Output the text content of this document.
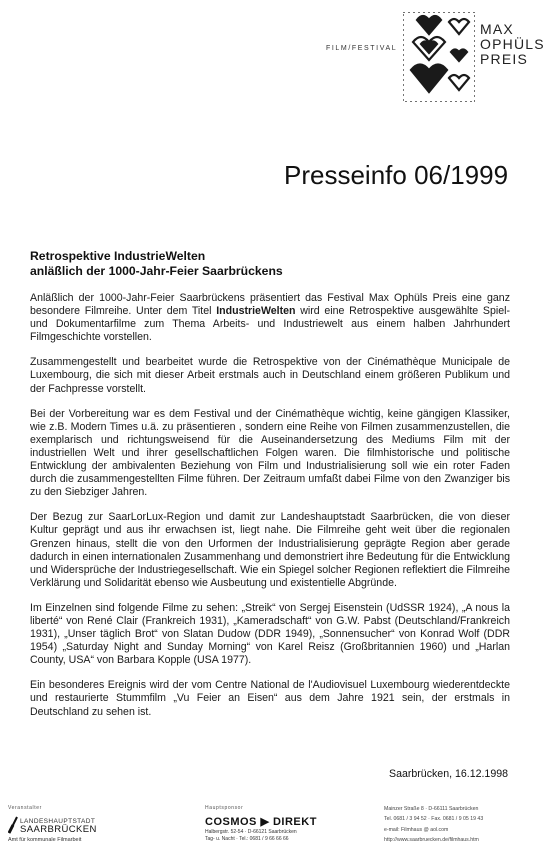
FILM/FESTIVAL
MAX
OPHÜLS
PREIS
Presseinfo 06/1999
Retrospektive IndustrieWelten
anläßlich der 1000-Jahr-Feier Saarbrückens

Anläßlich der 1000-Jahr-Feier Saarbrückens präsentiert das Festival Max Ophüls Preis eine ganz besondere Filmreihe. Unter dem Titel IndustrieWelten wird eine Retrospektive ausgewählte Spiel- und Dokumentarfilme zum Thema Arbeits- und Industriewelt aus einem halben Jahrhundert Filmgeschichte vorstellen.

Zusammengestellt und bearbeitet wurde die Retrospektive von der Cinémathèque Municipale de Luxembourg, die sich mit dieser Arbeit erstmals auch in Deutschland einem größeren Publikum und der Fachpresse vorstellt.

Bei der Vorbereitung war es dem Festival und der Cinémathèque wichtig, keine gängigen Klassiker, wie z.B. Modern Times u.ä. zu präsentieren , sondern eine Reihe von Filmen zusammenzustellen, die exemplarisch und richtungsweisend für die Auseinandersetzung des Mediums Film mit der industriellen Welt und ihrer gesellschaftlichen Folgen waren. Die filmhistorische und politische Entwicklung der ambivalenten Beziehung von Film und Industrialisierung soll wie ein roter Faden durch die zusammengestellten Filme führen. Der Zeitraum umfaßt dabei Filme von den Zwanziger bis zu den Siebziger Jahren.

Der Bezug zur SaarLorLux-Region und damit zur Landeshauptstadt Saarbrücken, die von dieser Kultur geprägt und aus ihr erwachsen ist, liegt nahe. Die Filmreihe geht weit über die regionalen Grenzen hinaus, stellt die von den Urformen der Industrialisierung geprägte Region aber gerade dadurch in einen internationalen Zusammenhang und demonstriert ihre Bedeutung für die Entwicklung und Widersprüche der Industriegesellschaft. Wie ein Spiegel solcher Regionen reflektiert die Filmreihe Verklärung und Solidarität ebenso wie Ausbeutung und existentielle Abgründe.

Im Einzelnen sind folgende Filme zu sehen: „Streik“ von Sergej Eisenstein (UdSSR 1924), „A nous la liberté“ von René Clair (Frankreich 1931), „Kameradschaft“ von G.W. Pabst (Deutschland/Frankreich 1931), „Unser täglich Brot“ von Slatan Dudow (DDR 1949), „Sonnensucher“ von Konrad Wolf (DDR 1954) „Saturday Night and Sunday Morning“ von Karel Reisz (Großbritannien 1960) und „Harlan County, USA“ von Barbara Kopple (USA 1977).

Ein besonderes Ereignis wird der vom Centre National de l'Audiovisuel Luxembourg wiederentdeckte und restaurierte Stummfilm „Vu Feier an Eisen“ aus dem Jahre 1921 sein, der erstmals in Deutschland zu sehen ist.

Saarbrücken, 16.12.1998
Veranstalter
LANDESHAUPTSTADT
SAARBRÜCKEN
Amt für kommunale Filmarbeit
Hauptsponsor
COSMOS ▶ DIREKT
Halbergstr. 52-54 · D-66121 Saarbrücken
Tag- u. Nacht · Tel.: 0681 / 9 66 66 66
Mainzer Straße 8 · D-66111 Saarbrücken
Tel. 0681 / 3 94 52 · Fax. 0681 / 9 05 19 43
e-mail: Filmhaus @ aol.com
http://www.saarbruecken.de/filmhaus.htm
